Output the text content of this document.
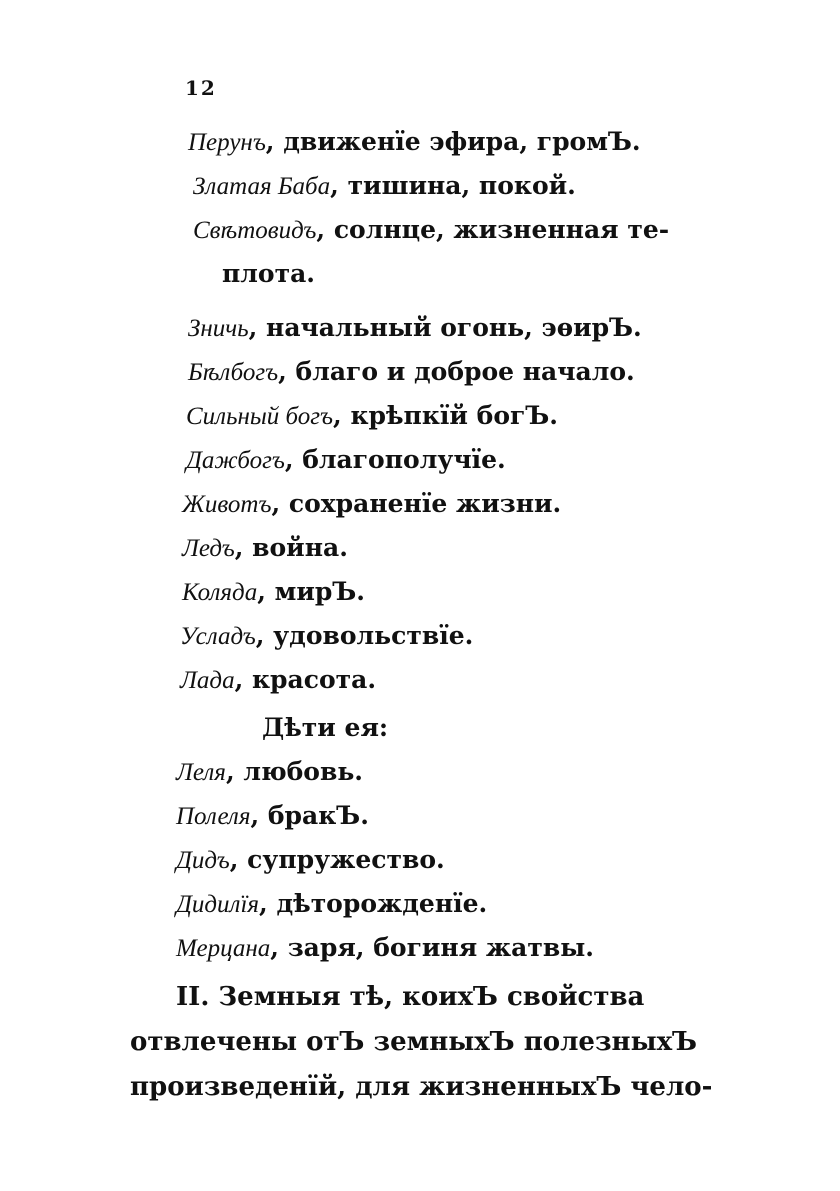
12
Перунъ, движенїе эфира, громЪ.
Златая Баба, тишина, покой.
Свѣтовидъ, солнце, жизненная те-
плота.
Зничь, начальный огонь, эѳирЪ.
Бѣлбогъ, благо и доброе начало.
Сильный богъ, крѣпкїй богЪ.
Дажбогъ, благополучїе.
Животъ, сохраненїе жизни.
Ледъ, война.
Коляда, мирЪ.
Усладъ, удовольствїе.
Лада, красота.
Дѣти ея:
Леля, любовь.
Полеля, бракЪ.
Дидъ, супружество.
Дидилїя, дѣторожденїе.
Мерцана, заря, богиня жатвы.
II. Земныя тѣ, коихЪ свойства
отвлечены отЪ земныхЪ полезныхЪ
произведенїй, для жизненныхЪ чело-
